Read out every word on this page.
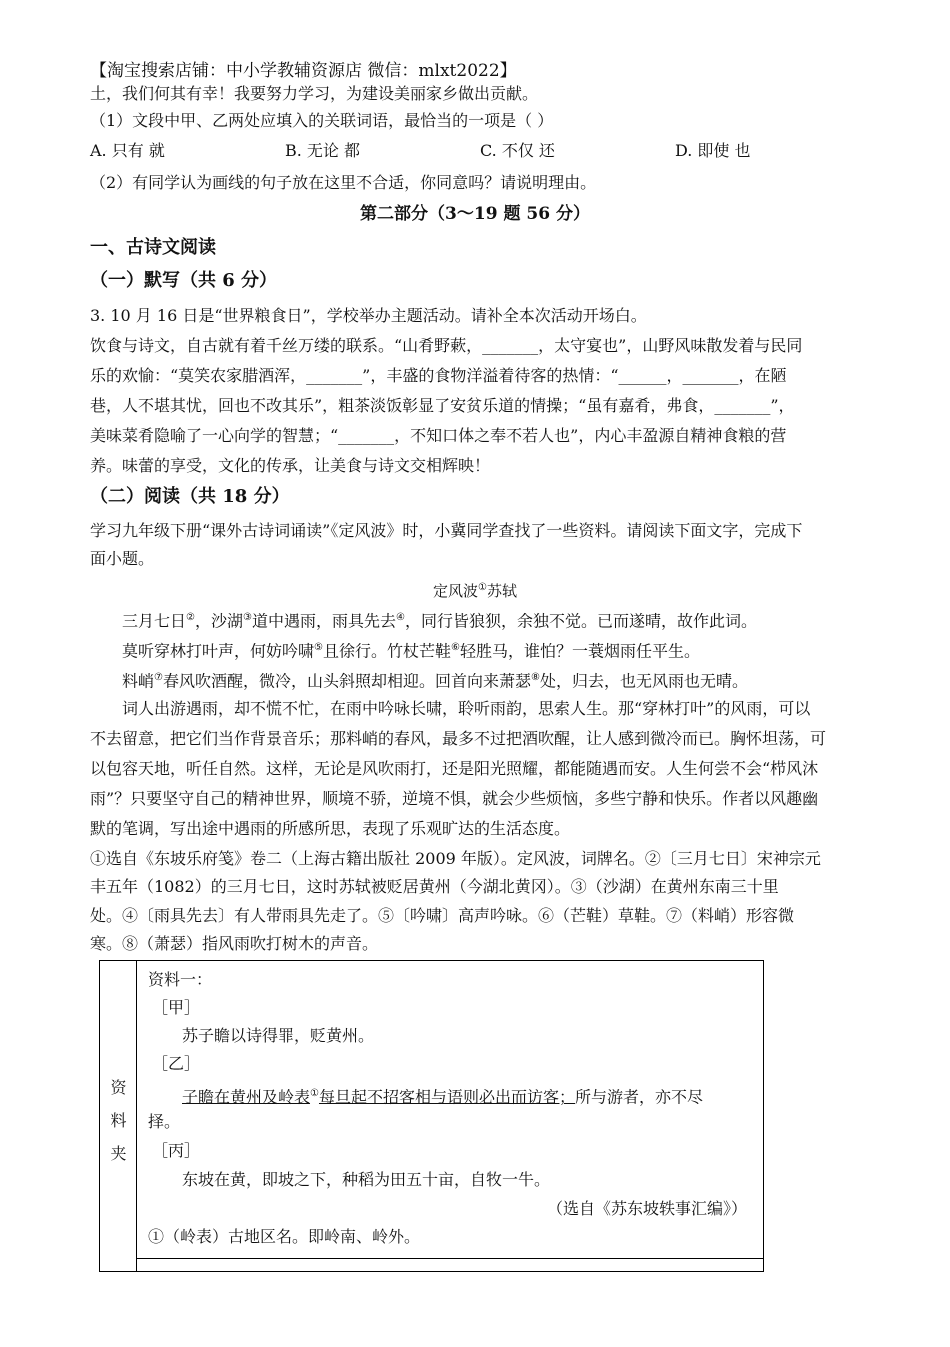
【淘宝搜索店铺：中小学教辅资源店 微信：mlxt2022】
土，我们何其有幸！我要努力学习，为建设美丽家乡做出贡献。
（1）文段中甲、乙两处应填入的关联词语，最恰当的一项是（ ）
A. 只有 就	B. 无论 都	C. 不仅 还	D. 即使 也
（2）有同学认为画线的句子放在这里不合适，你同意吗？请说明理由。
第二部分（3～19 题 56 分）
一、古诗文阅读
（一）默写（共 6 分）
3. 10 月 16 日是“世界粮食日”，学校举办主题活动。请补全本次活动开场白。
饮食与诗文，自古就有着千丝万缕的联系。“山肴野蔌，_______，太守宴也”，山野风味散发着与民同
乐的欢愉：“莫笑农家腊酒浑，_______”，丰盛的食物洋溢着待客的热情：“______，_______，在陋
巷，人不堪其忧，回也不改其乐”，粗茶淡饭彰显了安贫乐道的情操；“虽有嘉肴，弗食，_______”，
美味菜肴隐喻了一心向学的智慧；“_______，不知口体之奉不若人也”，内心丰盈源自精神食粮的营
养。味蕾的享受，文化的传承，让美食与诗文交相辉映！
（二）阅读（共 18 分）
学习九年级下册“课外古诗词诵读”《定风波》时，小冀同学查找了一些资料。请阅读下面文字，完成下
面小题。
定风波①苏轼
三月七日②，沙湖③道中遇雨，雨具先去④，同行皆狼狈，余独不觉。已而遂晴，故作此词。
莫听穿林打叶声，何妨吟啸⑤且徐行。竹杖芒鞋⑥轻胜马，谁怕？一蓑烟雨任平生。
料峭⑦春风吹酒醒，微冷，山头斜照却相迎。回首向来萧瑟⑧处，归去，也无风雨也无晴。
词人出游遇雨，却不慌不忙，在雨中吟咏长啸，聆听雨韵，思索人生。那“穿林打叶”的风雨，可以
不去留意，把它们当作背景音乐；那料峭的春风，最多不过把酒吹醒，让人感到微冷而已。胸怀坦荡，可
以包容天地，听任自然。这样，无论是风吹雨打，还是阳光照耀，都能随遇而安。人生何尝不会“栉风沐
雨”？只要坚守自己的精神世界，顺境不骄，逆境不惧，就会少些烦恼，多些宁静和快乐。作者以风趣幽
默的笔调，写出途中遇雨的所感所思，表现了乐观旷达的生活态度。
①选自《东坡乐府笺》卷二（上海古籍出版社 2009 年版）。定风波，词牌名。②〔三月七日〕宋神宗元
丰五年（1082）的三月七日，这时苏轼被贬居黄州（今湖北黄冈）。③（沙湖）在黄州东南三十里
处。④〔雨具先去〕有人带雨具先走了。⑤〔吟啸〕高声吟咏。⑥（芒鞋）草鞋。⑦（料峭）形容微
寒。⑧（萧瑟）指风雨吹打树木的声音。
资
料
夹
资料一：
［甲］
苏子瞻以诗得罪，贬黄州。
［乙］
子瞻在黄州及岭表①每旦起不招客相与语则必出而访客；所与游者，亦不尽
择。
［丙］
东坡在黄，即坡之下，种稻为田五十亩，自牧一牛。
（选自《苏东坡轶事汇编》）
①（岭表）古地区名。即岭南、岭外。
